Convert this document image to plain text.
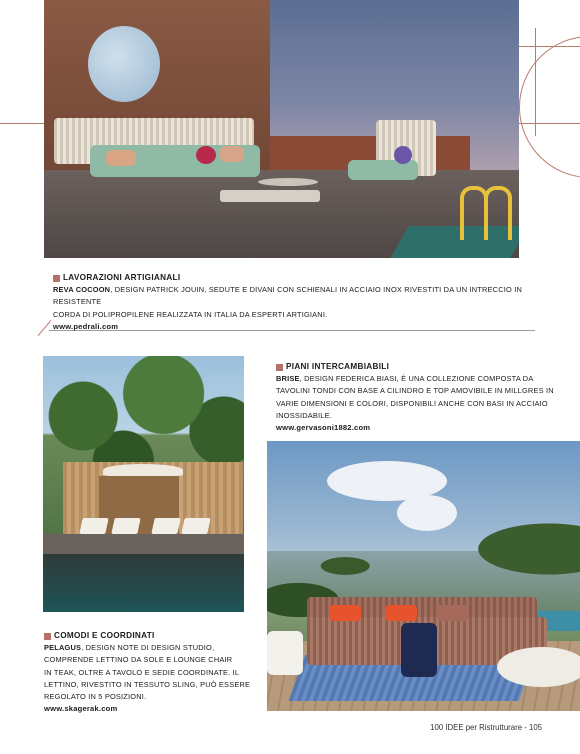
LAVORAZIONI ARTIGIANALI
REVA COCOON, DESIGN PATRICK JOUIN, SEDUTE E DIVANI CON SCHIENALI IN ACCIAIO INOX RIVESTITI DA UN INTRECCIO IN RESISTENTE
CORDA DI POLIPROPILENE REALIZZATA IN ITALIA DA ESPERTI ARTIGIANI.
www.pedrali.com
PIANI INTERCAMBIABILI
BRISE, DESIGN FEDERICA BIASI, È UNA COLLEZIONE COMPOSTA DA
TAVOLINI TONDI CON BASE A CILINDRO E TOP AMOVIBILE IN MILLGRES IN
VARIE DIMENSIONI E COLORI, DISPONIBILI ANCHE CON BASI IN ACCIAIO
INOSSIDABILE.
www.gervasoni1882.com
COMODI E COORDINATI
PELAGUS, DESIGN NOTE DI DESIGN STUDIO,
COMPRENDE LETTINO DA SOLE E LOUNGE CHAIR
IN TEAK, OLTRE A TAVOLO E SEDIE COORDINATE. IL
LETTINO, RIVESTITO IN TESSUTO SLING, PUÒ ESSERE
REGOLATO IN 5 POSIZIONI.
www.skagerak.com
100 IDEE per Ristrutturare - 105
